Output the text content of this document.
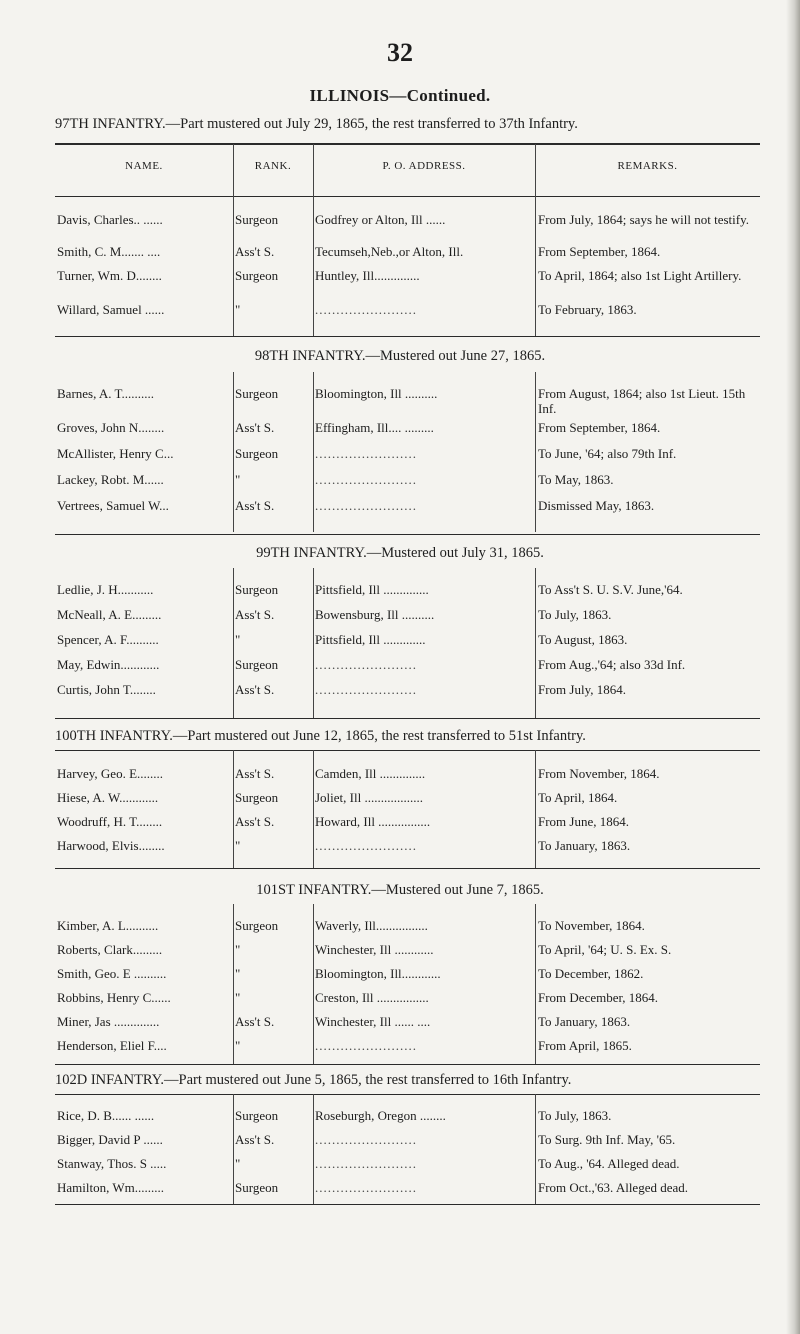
32
ILLINOIS—Continued.
NAME.	RANK.	P. O. ADDRESS.	REMARKS.
97TH INFANTRY.—Part mustered out July 29, 1865, the rest transferred to 37th Infantry.
Davis, Charles.. ......	Surgeon	Godfrey or Alton, Ill ......	From July, 1864; says he will not testify.
Smith, C. M....... ....	Ass't S.	Tecumseh,Neb.,or Alton, Ill.	From September, 1864.
Turner, Wm. D........	Surgeon	Huntley, Ill..............	To April, 1864; also 1st Light Artillery.
Willard, Samuel ......	"	........................	To February, 1863.
98TH INFANTRY.—Mustered out June 27, 1865.
Barnes, A. T..........	Surgeon	Bloomington, Ill ..........	From August, 1864; also 1st Lieut. 15th Inf.
Groves, John N........	Ass't S.	Effingham, Ill.... .........	From September, 1864.
McAllister, Henry C...	Surgeon	........................	To June, '64; also 79th Inf.
Lackey, Robt. M......	"	........................	To May, 1863.
Vertrees, Samuel W...	Ass't S.	........................	Dismissed May, 1863.
99TH INFANTRY.—Mustered out July 31, 1865.
Ledlie, J. H...........	Surgeon	Pittsfield, Ill ..............	To Ass't S. U. S.V. June,'64.
McNeall, A. E.........	Ass't S.	Bowensburg, Ill ..........	To July, 1863.
Spencer, A. F..........	"	Pittsfield, Ill .............	To August, 1863.
May, Edwin............	Surgeon	........................	From Aug.,'64; also 33d Inf.
Curtis, John T........	Ass't S.	........................	From July, 1864.
100TH INFANTRY.—Part mustered out June 12, 1865, the rest transferred to 51st Infantry.
Harvey, Geo. E........	Ass't S.	Camden, Ill ..............	From November, 1864.
Hiese, A. W............	Surgeon	Joliet, Ill ..................	To April, 1864.
Woodruff, H. T........	Ass't S.	Howard, Ill ................	From June, 1864.
Harwood, Elvis........	"	........................	To January, 1863.
101ST INFANTRY.—Mustered out June 7, 1865.
Kimber, A. L..........	Surgeon	Waverly, Ill................	To November, 1864.
Roberts, Clark.........	"	Winchester, Ill ............	To April, '64; U. S. Ex. S.
Smith, Geo. E ..........	"	Bloomington, Ill............	To December, 1862.
Robbins, Henry C......	"	Creston, Ill ................	From December, 1864.
Miner, Jas ..............	Ass't S.	Winchester, Ill ...... ....	To January, 1863.
Henderson, Eliel F....	"	........................	From April, 1865.
102D INFANTRY.—Part mustered out June 5, 1865, the rest transferred to 16th Infantry.
Rice, D. B...... ......	Surgeon	Roseburgh, Oregon ........	To July, 1863.
Bigger, David P ......	Ass't S.	........................	To Surg. 9th Inf. May, '65.
Stanway, Thos. S .....	"	........................	To Aug., '64. Alleged dead.
Hamilton, Wm.........	Surgeon	........................	From Oct.,'63. Alleged dead.
